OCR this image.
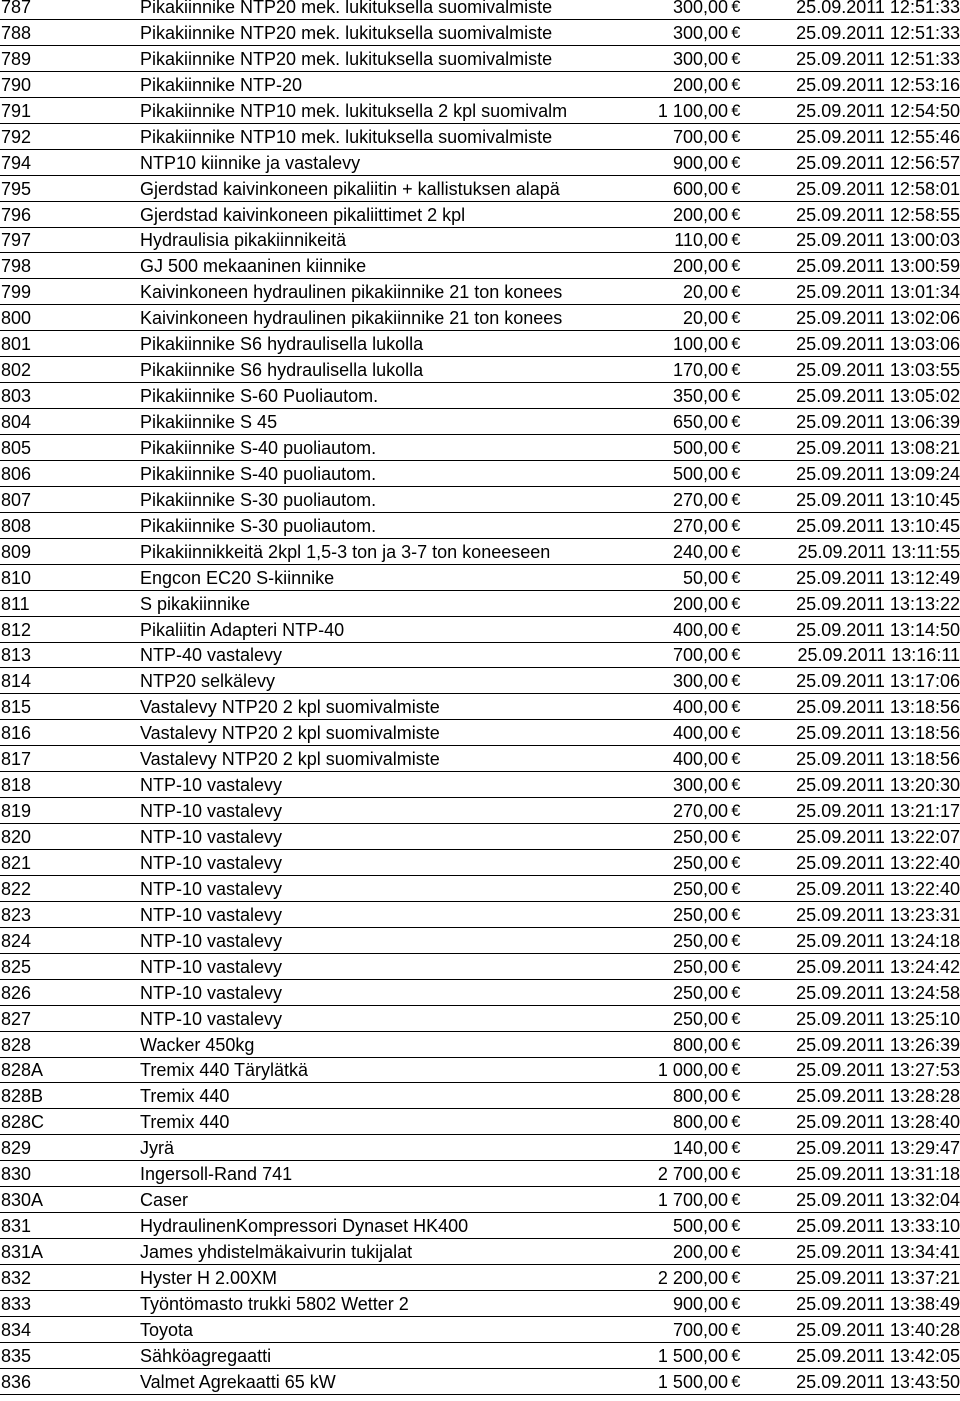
787	Pikakiinnike NTP20 mek. lukituksella suomivalmiste	300,00 €	25.09.2011 12:51:33
788	Pikakiinnike NTP20 mek. lukituksella suomivalmiste	300,00 €	25.09.2011 12:51:33
789	Pikakiinnike NTP20 mek. lukituksella suomivalmiste	300,00 €	25.09.2011 12:51:33
790	Pikakiinnike NTP-20	200,00 €	25.09.2011 12:53:16
791	Pikakiinnike NTP10 mek. lukituksella 2 kpl suomivalm	1 100,00 €	25.09.2011 12:54:50
792	Pikakiinnike NTP10 mek. lukituksella suomivalmiste	700,00 €	25.09.2011 12:55:46
794	NTP10 kiinnike ja vastalevy	900,00 €	25.09.2011 12:56:57
795	Gjerdstad kaivinkoneen pikaliitin + kallistuksen alapä	600,00 €	25.09.2011 12:58:01
796	Gjerdstad kaivinkoneen pikaliittimet 2 kpl	200,00 €	25.09.2011 12:58:55
797	Hydraulisia pikakiinnikeitä	110,00 €	25.09.2011 13:00:03
798	GJ 500 mekaaninen kiinnike	200,00 €	25.09.2011 13:00:59
799	Kaivinkoneen hydraulinen pikakiinnike 21 ton konees	20,00 €	25.09.2011 13:01:34
800	Kaivinkoneen hydraulinen pikakiinnike 21 ton konees	20,00 €	25.09.2011 13:02:06
801	Pikakiinnike S6 hydraulisella lukolla	100,00 €	25.09.2011 13:03:06
802	Pikakiinnike S6 hydraulisella lukolla	170,00 €	25.09.2011 13:03:55
803	Pikakiinnike S-60 Puoliautom.	350,00 €	25.09.2011 13:05:02
804	Pikakiinnike S 45	650,00 €	25.09.2011 13:06:39
805	Pikakiinnike S-40 puoliautom.	500,00 €	25.09.2011 13:08:21
806	Pikakiinnike S-40 puoliautom.	500,00 €	25.09.2011 13:09:24
807	Pikakiinnike S-30 puoliautom.	270,00 €	25.09.2011 13:10:45
808	Pikakiinnike S-30 puoliautom.	270,00 €	25.09.2011 13:10:45
809	Pikakiinnikkeitä 2kpl 1,5-3 ton ja 3-7 ton koneeseen	240,00 €	25.09.2011 13:11:55
810	Engcon EC20 S-kiinnike	50,00 €	25.09.2011 13:12:49
811	S pikakiinnike	200,00 €	25.09.2011 13:13:22
812	Pikaliitin Adapteri NTP-40	400,00 €	25.09.2011 13:14:50
813	NTP-40 vastalevy	700,00 €	25.09.2011 13:16:11
814	NTP20 selkälevy	300,00 €	25.09.2011 13:17:06
815	Vastalevy NTP20 2 kpl suomivalmiste	400,00 €	25.09.2011 13:18:56
816	Vastalevy NTP20 2 kpl suomivalmiste	400,00 €	25.09.2011 13:18:56
817	Vastalevy NTP20 2 kpl suomivalmiste	400,00 €	25.09.2011 13:18:56
818	NTP-10 vastalevy	300,00 €	25.09.2011 13:20:30
819	NTP-10 vastalevy	270,00 €	25.09.2011 13:21:17
820	NTP-10 vastalevy	250,00 €	25.09.2011 13:22:07
821	NTP-10 vastalevy	250,00 €	25.09.2011 13:22:40
822	NTP-10 vastalevy	250,00 €	25.09.2011 13:22:40
823	NTP-10 vastalevy	250,00 €	25.09.2011 13:23:31
824	NTP-10 vastalevy	250,00 €	25.09.2011 13:24:18
825	NTP-10 vastalevy	250,00 €	25.09.2011 13:24:42
826	NTP-10 vastalevy	250,00 €	25.09.2011 13:24:58
827	NTP-10 vastalevy	250,00 €	25.09.2011 13:25:10
828	Wacker 450kg	800,00 €	25.09.2011 13:26:39
828A	Tremix 440 Tärylätkä	1 000,00 €	25.09.2011 13:27:53
828B	Tremix 440	800,00 €	25.09.2011 13:28:28
828C	Tremix 440	800,00 €	25.09.2011 13:28:40
829	Jyrä	140,00 €	25.09.2011 13:29:47
830	Ingersoll-Rand 741	2 700,00 €	25.09.2011 13:31:18
830A	Caser	1 700,00 €	25.09.2011 13:32:04
831	HydraulinenKompressori Dynaset HK400	500,00 €	25.09.2011 13:33:10
831A	James yhdistelmäkaivurin tukijalat	200,00 €	25.09.2011 13:34:41
832	Hyster H 2.00XM	2 200,00 €	25.09.2011 13:37:21
833	Työntömasto trukki 5802 Wetter 2	900,00 €	25.09.2011 13:38:49
834	Toyota	700,00 €	25.09.2011 13:40:28
835	Sähköagregaatti	1 500,00 €	25.09.2011 13:42:05
836	Valmet Agrekaatti 65 kW	1 500,00 €	25.09.2011 13:43:50
